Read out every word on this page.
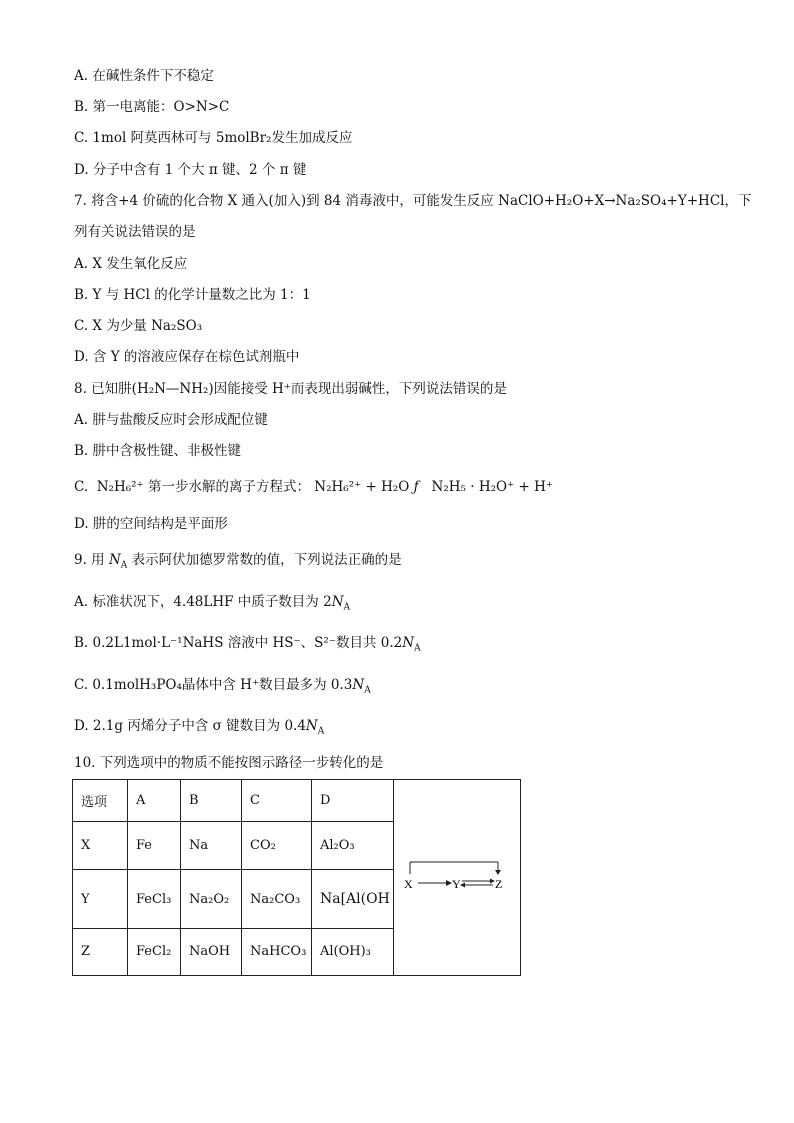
A. 在碱性条件下不稳定
B. 第一电离能：O>N>C
C. 1mol 阿莫西林可与 5molBr₂发生加成反应
D. 分子中含有 1 个大 π 键、2 个 π 键
7. 将含+4 价硫的化合物 X 通入(加入)到 84 消毒液中，可能发生反应 NaClO+H₂O+X→Na₂SO₄+Y+HCl，下
列有关说法错误的是
A. X 发生氧化反应
B. Y 与 HCl 的化学计量数之比为 1：1
C. X 为少量 Na₂SO₃
D. 含 Y 的溶液应保存在棕色试剂瓶中
8. 已知肼(H₂N—NH₂)因能接受 H⁺而表现出弱碱性，下列说法错误的是
A. 肼与盐酸反应时会形成配位键
B. 肼中含极性键、非极性键
C. N₂H₆²⁺ 第一步水解的离子方程式： N₂H₆²⁺ + H₂O ƒ N₂H₅ · H₂O⁺ + H⁺
D. 肼的空间结构是平面形
9. 用 $N_A$ 表示阿伏加德罗常数的值，下列说法正确的是
A. 标准状况下，4.48LHF 中质子数目为 $2N_A$
B. 0.2L1mol·L⁻¹NaHS 溶液中 HS⁻、S²⁻数目共 $0.2N_A$
C. 0.1molH₃PO₄晶体中含 H⁺数目最多为 $0.3N_A$
D. 2.1g 丙烯分子中含 σ 键数目为 $0.4N_A$
10. 下列选项中的物质不能按图示路径一步转化的是
选项	A	B	C	D	X Y Z

X	Fe	Na	CO₂	Al₂O₃	
Y	FeCl₃	Na₂O₂	Na₂CO₃	Na[Al(OH	
Z	FeCl₂	NaOH	NaHCO₃	Al(OH)₃	
